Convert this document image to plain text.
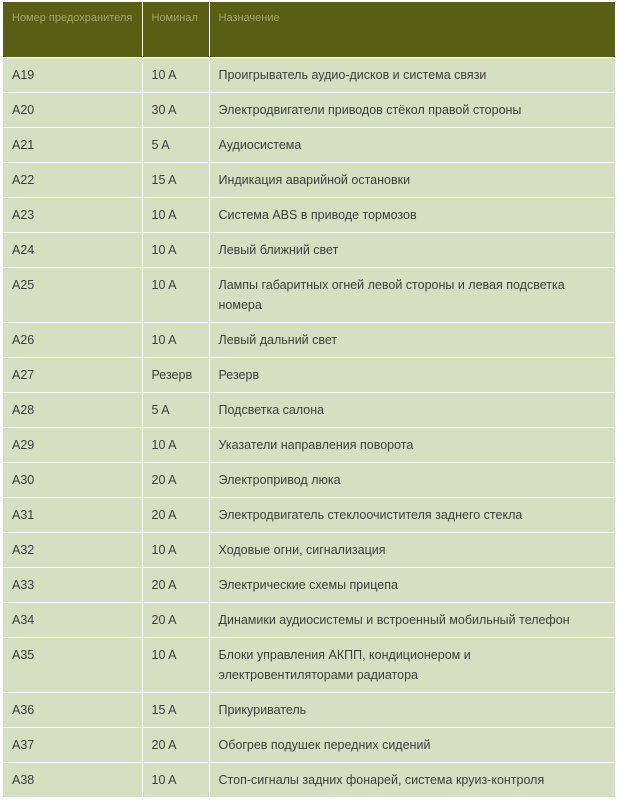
Номер предохранителя	Номинал	Назначение
A19	10 A	Проигрыватель аудио-дисков и система связи
A20	30 A	Электродвигатели приводов стёкол правой стороны
A21	5 A	Аудиосистема
A22	15 A	Индикация аварийной остановки
A23	10 A	Система ABS в приводе тормозов
A24	10 A	Левый ближний свет
A25	10 A	Лампы габаритных огней левой стороны и левая подсветка номера
A26	10 A	Левый дальний свет
A27	Резерв	Резерв
A28	5 A	Подсветка салона
A29	10 A	Указатели направления поворота
A30	20 A	Электропривод люка
A31	20 A	Электродвигатель стеклоочистителя заднего стекла
A32	10 A	Ходовые огни, сигнализация
A33	20 A	Электрические схемы прицепа
A34	20 A	Динамики аудиосистемы и встроенный мобильный телефон
A35	10 A	Блоки управления АКПП, кондиционером и электровентиляторами радиатора
A36	15 A	Прикуриватель
A37	20 A	Обогрев подушек передних сидений
A38	10 A	Стоп-сигналы задних фонарей, система круиз-контроля
